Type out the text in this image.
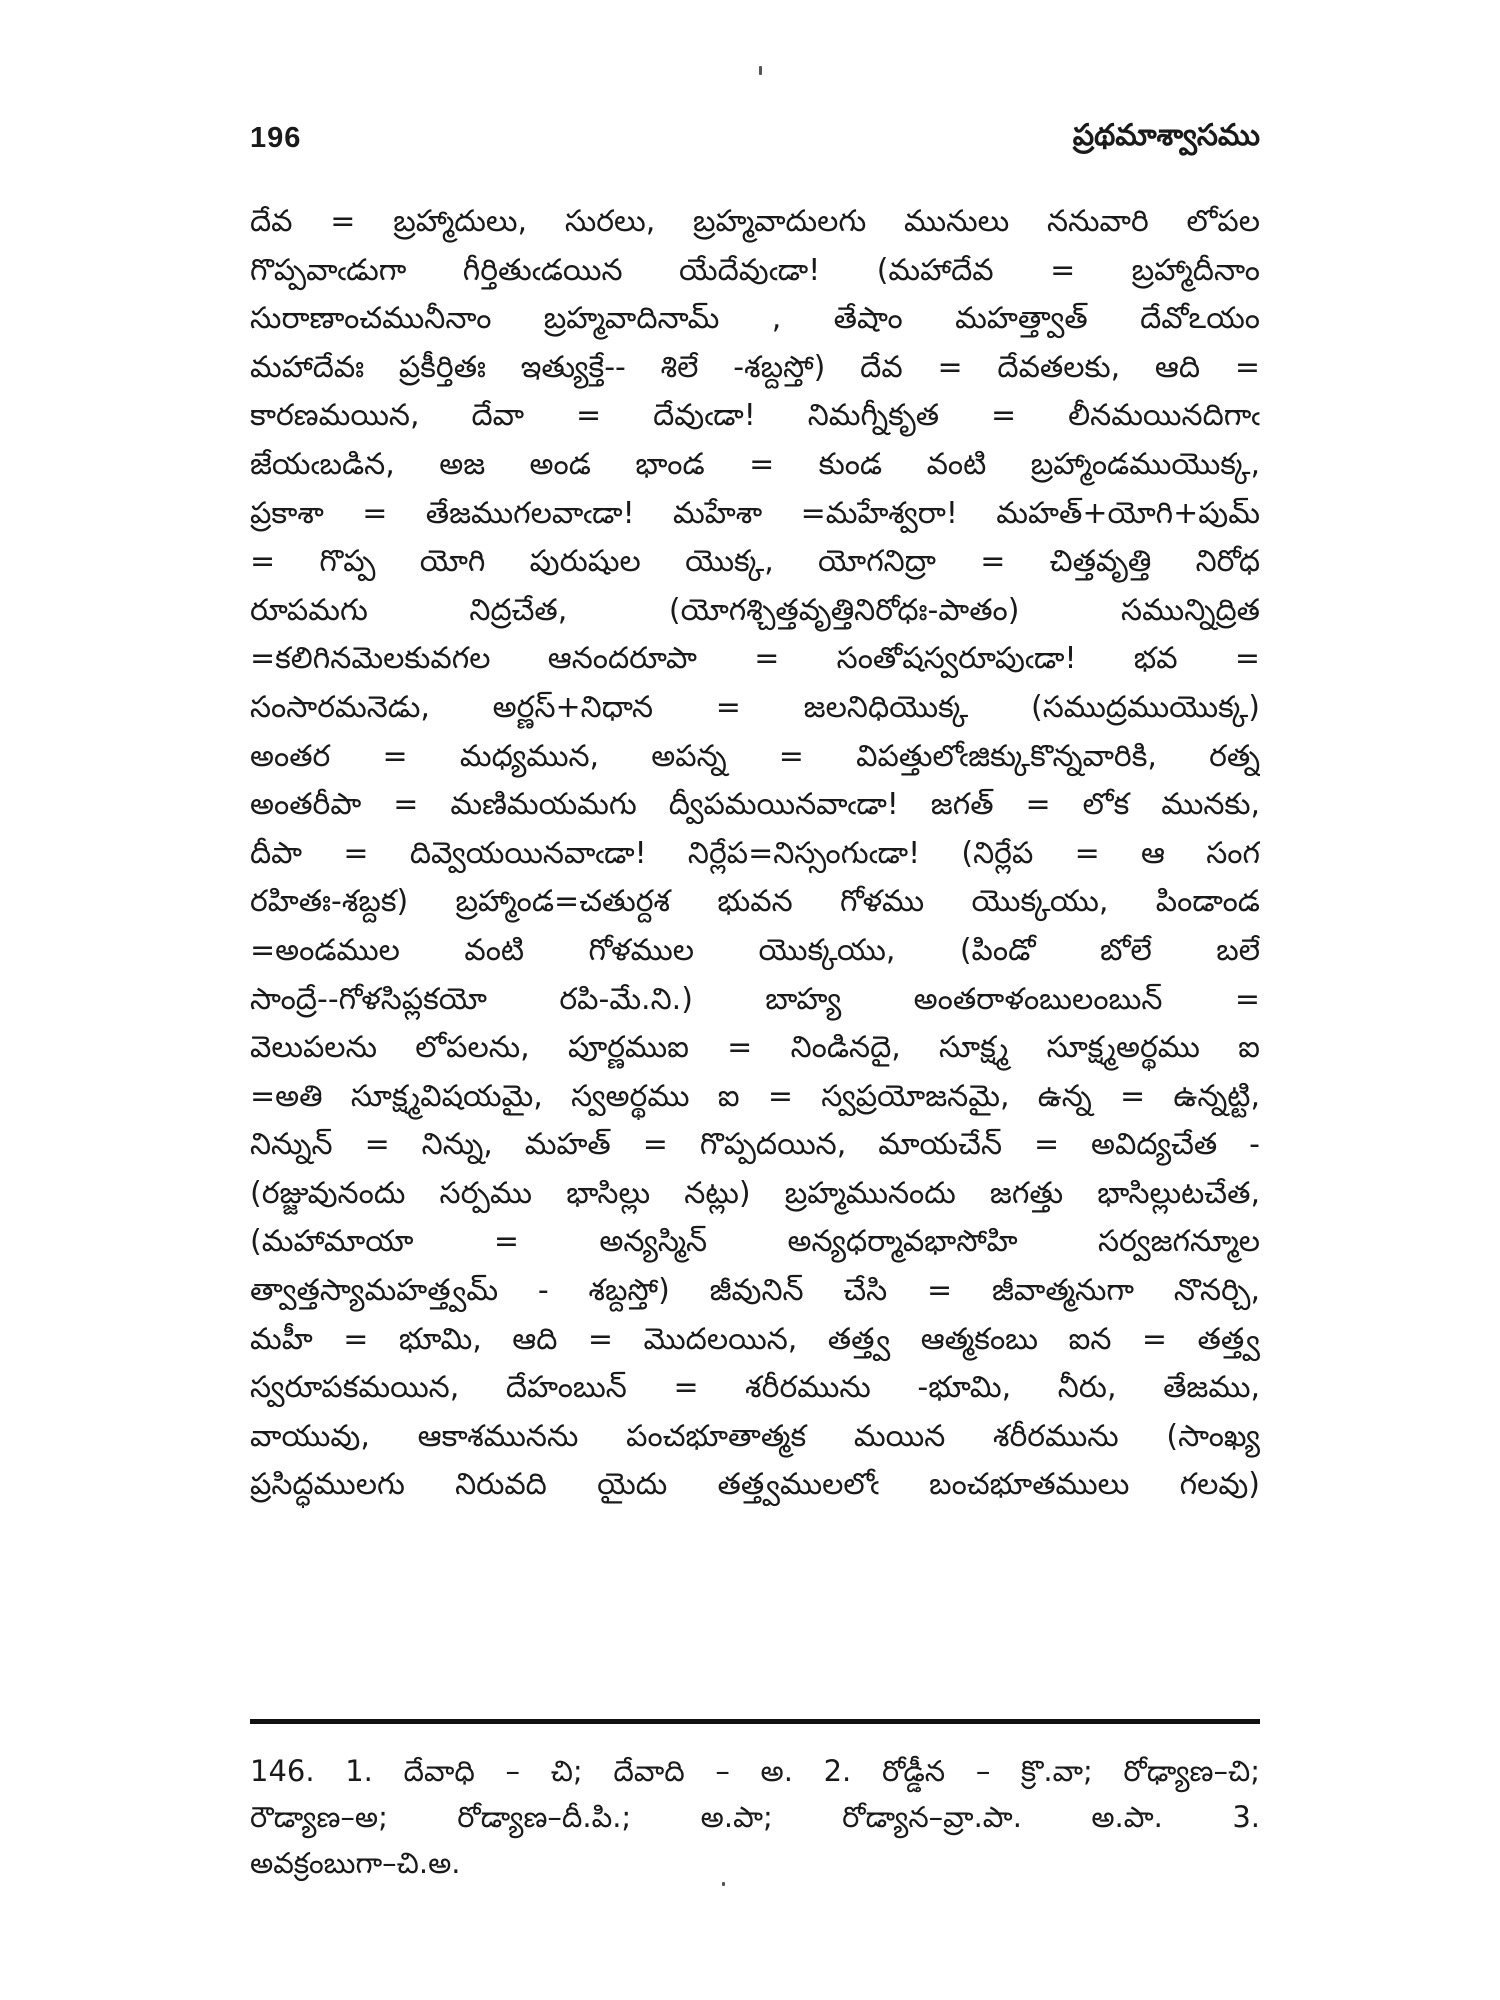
196	ప్రథమాశ్వాసము
దేవ = బ్రహ్మాదులు, సురలు, బ్రహ్మవాదులగు మునులు ననువారి లోపల
గొప్పవాఁడుగా గీర్తితుఁడయిన యేదేవుఁడా! (మహాదేవ = బ్రహ్మాదీనాం
సురాణాంచమునీనాం బ్రహ్మవాదినామ్ , తేషాం మహత్త్వాత్ దేవోఽయం
మహాదేవః ప్రకీర్తితః ఇత్యుక్తే-- శిలే -శబ్దస్తో) దేవ = దేవతలకు, ఆది =
కారణమయిన, దేవా = దేవుఁడా! నిమగ్నీకృత = లీనమయినదిగాఁ
జేయఁబడిన, అజ అండ భాండ = కుండ వంటి బ్రహ్మాండముయొక్క,
ప్రకాశా = తేజముగలవాఁడా! మహేశా =మహేశ్వరా! మహత్+యోగి+పుమ్
= గొప్ప యోగి పురుషుల యొక్క, యోగనిద్రా = చిత్తవృత్తి నిరోధ
రూపమగు నిద్రచేత, (యోగశ్చిత్తవృత్తినిరోధః-పాతం) సమున్నిద్రిత
=కలిగినమెలకువగల ఆనందరూపా = సంతోషస్వరూపుఁడా! భవ =
సంసారమనెడు, అర్ణస్+నిధాన = జలనిధియొక్క (సముద్రముయొక్క)
అంతర = మధ్యమున, అపన్న = విపత్తులోఁజిక్కుకొన్నవారికి, రత్న
అంతరీపా = మణిమయమగు ద్వీపమయినవాఁడా! జగత్ = లోక మునకు,
దీపా = దివ్వెయయినవాఁడా! నిర్లేప=నిస్సంగుఁడా! (నిర్లేప = ఆ సంగ
రహితః-శబ్దక) బ్రహ్మాండ=చతుర్దశ భువన గోళము యొక్కయు, పిండాండ
=అండముల వంటి గోళముల యొక్కయు, (పిండో బోలే బలే
సాంద్రే--గోళసిప్లకయో రపి-మే.ని.) బాహ్య అంతరాళంబులంబున్ =
వెలుపలను లోపలను, పూర్ణముఐ = నిండినదై, సూక్ష్మ సూక్ష్మఅర్థము ఐ
=అతి సూక్ష్మవిషయమై, స్వఅర్థము ఐ = స్వప్రయోజనమై, ఉన్న = ఉన్నట్టి,
నిన్నున్ = నిన్ను, మహత్ = గొప్పదయిన, మాయచేన్ = అవిద్యచేత -
(రజ్జువునందు సర్పము భాసిల్లు నట్లు) బ్రహ్మమునందు జగత్తు భాసిల్లుటచేత,
(మహామాయా = అన్యస్మిన్ అన్యధర్మావభాసోహి సర్వజగన్మూల
త్వాత్తస్యామహత్త్వమ్ - శబ్దస్తో) జీవునిన్ చేసి = జీవాత్మనుగా నొనర్చి,
మహీ = భూమి, ఆది = మొదలయిన, తత్త్వ ఆత్మకంబు ఐన = తత్త్వ
స్వరూపకమయిన, దేహంబున్ = శరీరమును -భూమి, నీరు, తేజము,
వాయువు, ఆకాశమునను పంచభూతాత్మక మయిన శరీరమును (సాంఖ్య
ప్రసిద్ధములగు నిరువది యైదు తత్త్వములలోఁ బంచభూతములు గలవు)
146. 1. దేవాధి – చి; దేవాది – అ. 2. రోడ్డీన – క్రొ.వా; రోఢ్యాణ–చి;
రౌడ్యాణ–అ; రోడ్యాణ–దీ.పి.; అ.పా; రోడ్యాన–వ్రా.పా. అ.పా. 3.
అవక్రంబుగా–చి.అ.
